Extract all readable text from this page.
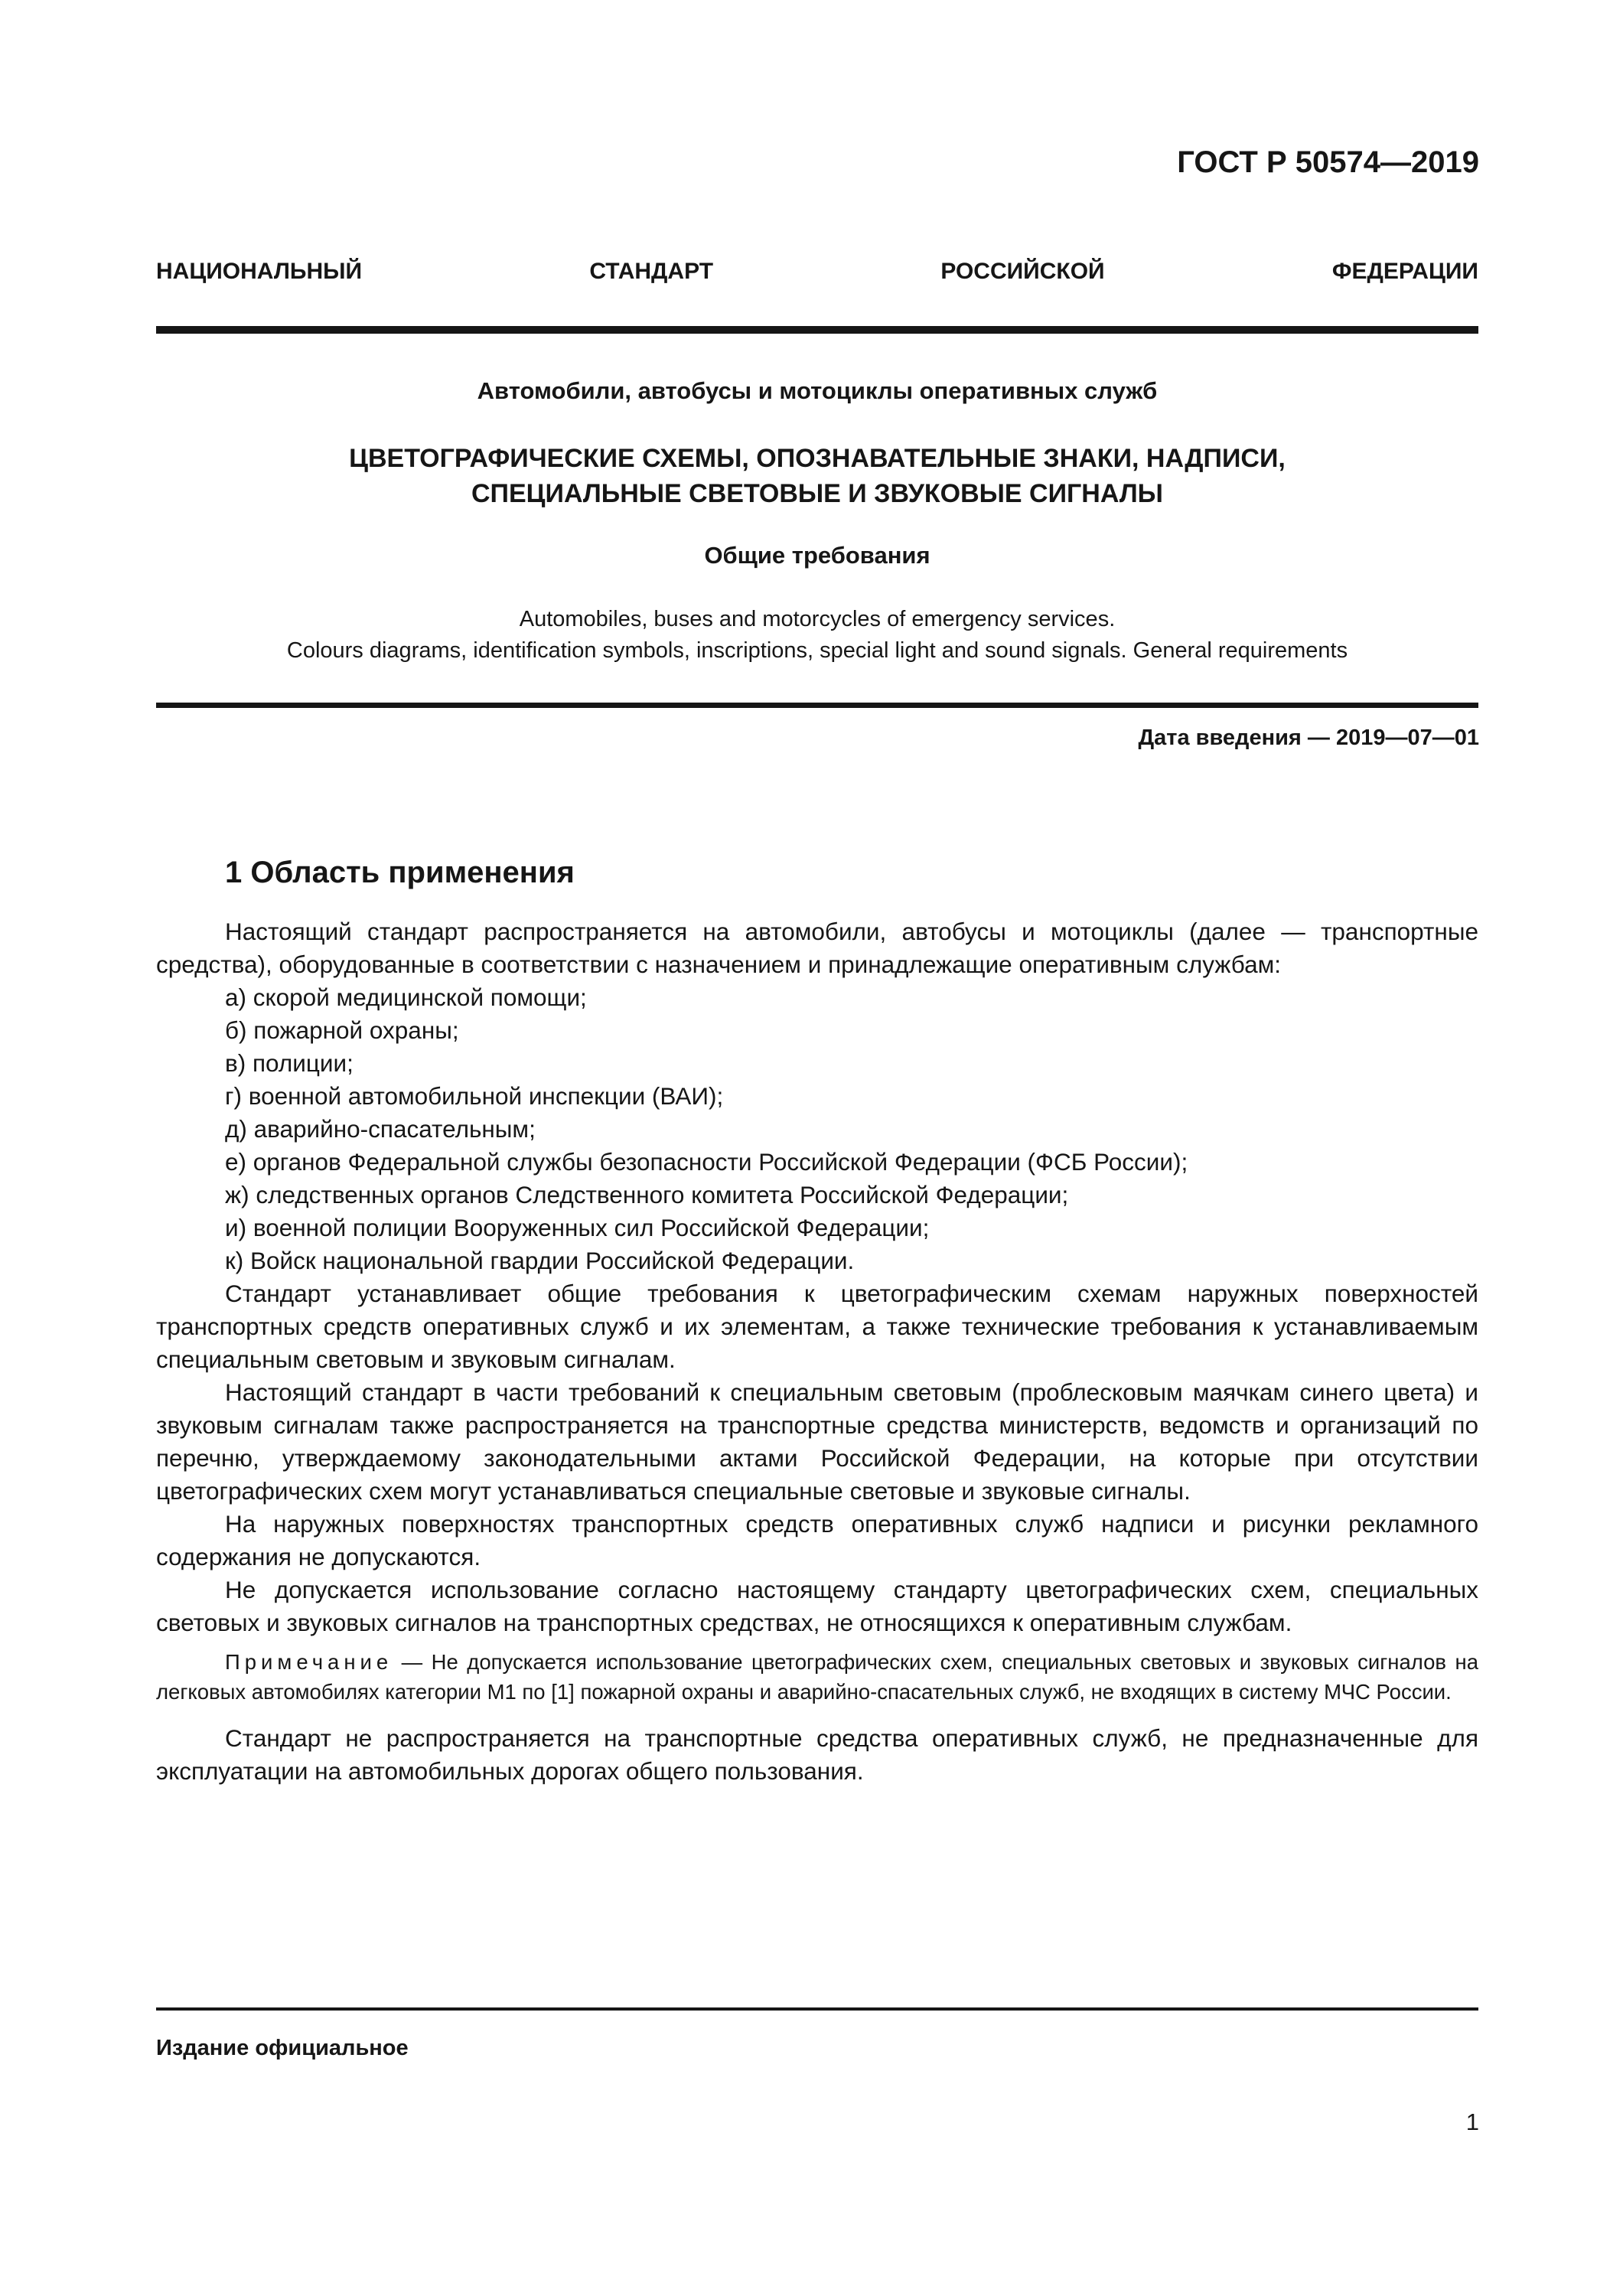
ГОСТ Р 50574—2019
НАЦИОНАЛЬНЫЙ	СТАНДАРТ	РОССИЙСКОЙ	ФЕДЕРАЦИИ
Автомобили, автобусы и мотоциклы оперативных служб
ЦВЕТОГРАФИЧЕСКИЕ СХЕМЫ, ОПОЗНАВАТЕЛЬНЫЕ ЗНАКИ, НАДПИСИ,
СПЕЦИАЛЬНЫЕ СВЕТОВЫЕ И ЗВУКОВЫЕ СИГНАЛЫ
Общие требования
Automobiles, buses and motorcycles of emergency services.
Colours diagrams, identification symbols, inscriptions, special light and sound signals. General requirements
Дата введения — 2019—07—01
1 Область применения

Настоящий стандарт распространяется на автомобили, автобусы и мотоциклы (далее — транспортные средства), оборудованные в соответствии с назначением и принадлежащие оперативным службам:

а) скорой медицинской помощи;

б) пожарной охраны;

в) полиции;

г) военной автомобильной инспекции (ВАИ);

д) аварийно-спасательным;

е) органов Федеральной службы безопасности Российской Федерации (ФСБ России);

ж) следственных органов Следственного комитета Российской Федерации;

и) военной полиции Вооруженных сил Российской Федерации;

к) Войск национальной гвардии Российской Федерации.

Стандарт устанавливает общие требования к цветографическим схемам наружных поверхностей транспортных средств оперативных служб и их элементам, а также технические требования к устанавливаемым специальным световым и звуковым сигналам.

Настоящий стандарт в части требований к специальным световым (проблесковым маячкам синего цвета) и звуковым сигналам также распространяется на транспортные средства министерств, ведомств и организаций по перечню, утверждаемому законодательными актами Российской Федерации, на которые при отсутствии цветографических схем могут устанавливаться специальные световые и звуковые сигналы.

На наружных поверхностях транспортных средств оперативных служб надписи и рисунки рекламного содержания не допускаются.

Не допускается использование согласно настоящему стандарту цветографических схем, специальных световых и звуковых сигналов на транспортных средствах, не относящихся к оперативным службам.

Примечание — Не допускается использование цветографических схем, специальных световых и звуковых сигналов на легковых автомобилях категории М1 по [1] пожарной охраны и аварийно-спасательных служб, не входящих в систему МЧС России.

Стандарт не распространяется на транспортные средства оперативных служб, не предназначенные для эксплуатации на автомобильных дорогах общего пользования.

Издание официальное
1
